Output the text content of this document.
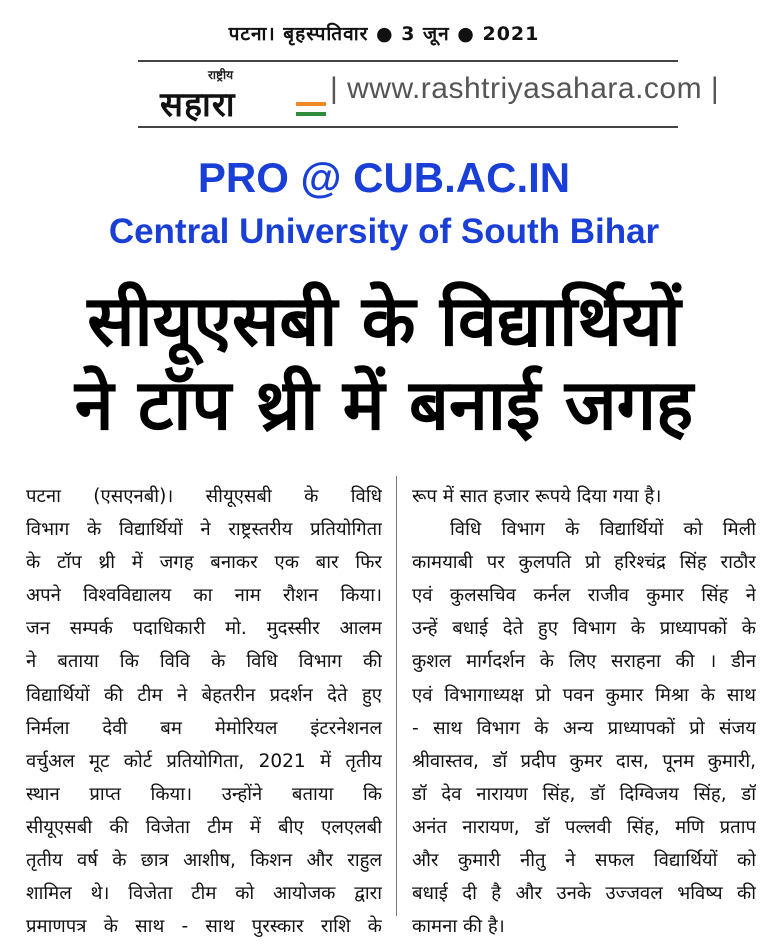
पटना। बृहस्पतिवार ● 3 जून ● 2021
राष्ट्रीय
सहारा	| www.rashtriyasahara.com |
PRO @ CUB.AC.IN
Central University of South Bihar
सीयूएसबी के विद्यार्थियों
ने टॉप थ्री में बनाई जगह
पटना (एसएनबी)। सीयूएसबी के विधि
विभाग के विद्यार्थियों ने राष्ट्रस्तरीय प्रतियोगिता
के टॉप थ्री में जगह बनाकर एक बार फिर
अपने विश्वविद्यालय का नाम रौशन किया।
जन सम्पर्क पदाधिकारी मो. मुदस्सीर आलम
ने बताया कि विवि के विधि विभाग की
विद्यार्थियों की टीम ने बेहतरीन प्रदर्शन देते हुए
निर्मला देवी बम मेमोरियल इंटरनेशनल
वर्चुअल मूट कोर्ट प्रतियोगिता, 2021 में तृतीय
स्थान प्राप्त किया। उन्होंने बताया कि
सीयूएसबी की विजेता टीम में बीए एलएलबी
तृतीय वर्ष के छात्र आशीष, किशन और राहुल
शामिल थे। विजेता टीम को आयोजक द्वारा
प्रमाणपत्र के साथ - साथ पुरस्कार राशि के
रूप में सात हजार रूपये दिया गया है।
विधि विभाग के विद्यार्थियों को मिली
कामयाबी पर कुलपति प्रो हरिश्चंद्र सिंह राठौर
एवं कुलसचिव कर्नल राजीव कुमार सिंह ने
उन्हें बधाई देते हुए विभाग के प्राध्यापकों के
कुशल मार्गदर्शन के लिए सराहना की । डीन
एवं विभागाध्यक्ष प्रो पवन कुमार मिश्रा के साथ
- साथ विभाग के अन्य प्राध्यापकों प्रो संजय
श्रीवास्तव, डॉ प्रदीप कुमर दास, पूनम कुमारी,
डॉ देव नारायण सिंह, डॉ दिग्विजय सिंह, डॉ
अनंत नारायण, डॉ पल्लवी सिंह, मणि प्रताप
और कुमारी नीतु ने सफल विद्यार्थियों को
बधाई दी है और उनके उज्जवल भविष्य की
कामना की है।
